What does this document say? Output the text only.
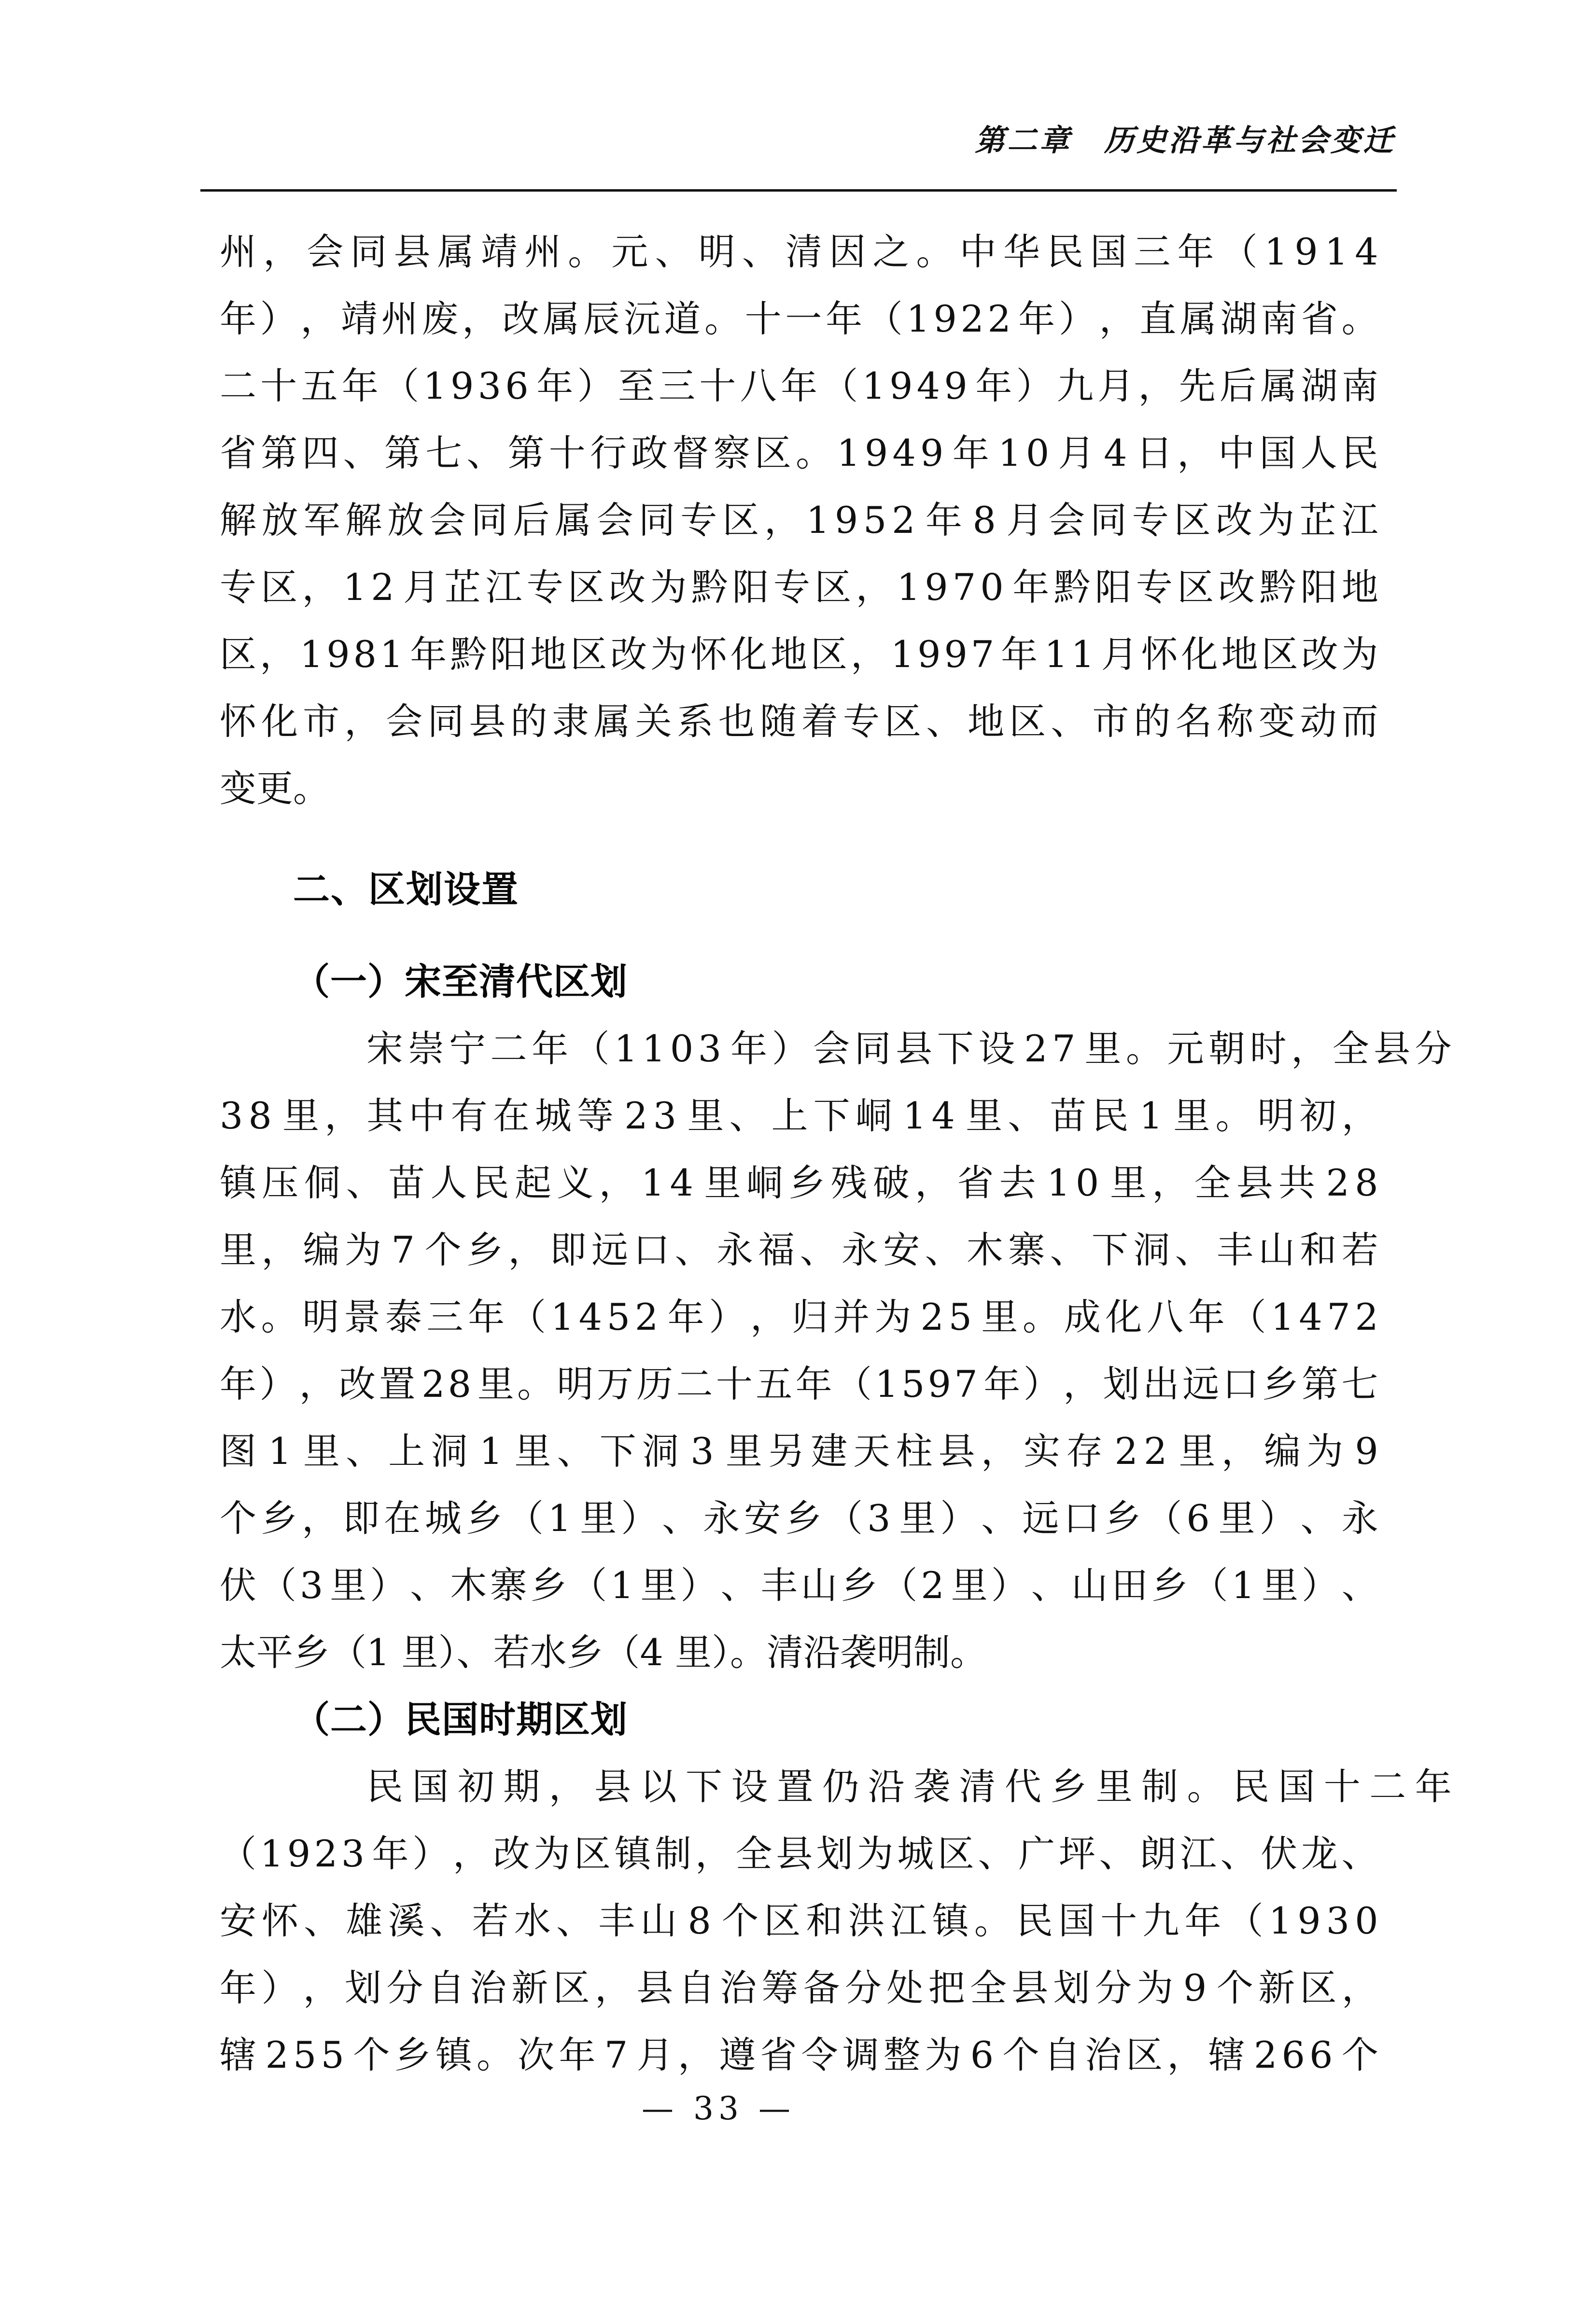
第二章　历史沿革与社会变迁
州 ， 会 同 县 属 靖 州 。 元 、 明 、 清 因 之 。 中 华 民 国 三 年 （ 1 9 1 4
年 ） ， 靖 州 废 ， 改 属 辰 沅 道 。 十 一 年 （ 1 9 2 2 年 ） ， 直 属 湖 南 省 。
二 十 五 年 （ 1 9 3 6 年 ） 至 三 十 八 年 （ 1 9 4 9 年 ） 九 月 ， 先 后 属 湖 南
省 第 四 、 第 七 、 第 十 行 政 督 察 区 。 1 9 4 9 年 1 0 月 4 日 ， 中 国 人 民
解 放 军 解 放 会 同 后 属 会 同 专 区 ， 1 9 5 2 年 8 月 会 同 专 区 改 为 芷 江
专 区 ， 1 2 月 芷 江 专 区 改 为 黔 阳 专 区 ， 1 9 7 0 年 黔 阳 专 区 改 黔 阳 地
区 ， 1 9 8 1 年 黔 阳 地 区 改 为 怀 化 地 区 ， 1 9 9 7 年 1 1 月 怀 化 地 区 改 为
怀 化 市 ， 会 同 县 的 隶 属 关 系 也 随 着 专 区 、 地 区 、 市 的 名 称 变 动 而
变更。
二、区划设置
（一）宋至清代区划
宋 崇 宁 二 年 （ 1 1 0 3 年 ） 会 同 县 下 设 2 7 里 。 元 朝 时 ， 全 县 分
3 8 里 ， 其 中 有 在 城 等 2 3 里 、 上 下 峒 1 4 里 、 苗 民 1 里 。 明 初 ，
镇 压 侗 、 苗 人 民 起 义 ， 1 4 里 峒 乡 残 破 ， 省 去 1 0 里 ， 全 县 共 2 8
里 ， 编 为 7 个 乡 ， 即 远 口 、 永 福 、 永 安 、 木 寨 、 下 洞 、 丰 山 和 若
水 。 明 景 泰 三 年 （ 1 4 5 2 年 ） ， 归 并 为 2 5 里 。 成 化 八 年 （ 1 4 7 2
年 ） ， 改 置 2 8 里 。 明 万 历 二 十 五 年 （ 1 5 9 7 年 ） ， 划 出 远 口 乡 第 七
图 1 里 、 上 洞 1 里 、 下 洞 3 里 另 建 天 柱 县 ， 实 存 2 2 里 ， 编 为 9
个 乡 ， 即 在 城 乡 （ 1 里 ） 、 永 安 乡 （ 3 里 ） 、 远 口 乡 （ 6 里 ） 、 永
伏 （ 3 里 ） 、 木 寨 乡 （ 1 里 ） 、 丰 山 乡 （ 2 里 ） 、 山 田 乡 （ 1 里 ） 、
太平乡（1 里）、若水乡（4 里）。清沿袭明制。
（二）民国时期区划
民 国 初 期 ， 县 以 下 设 置 仍 沿 袭 清 代 乡 里 制 。 民 国 十 二 年
（ 1 9 2 3 年 ） ， 改 为 区 镇 制 ， 全 县 划 为 城 区 、 广 坪 、 朗 江 、 伏 龙 、
安 怀 、 雄 溪 、 若 水 、 丰 山 8 个 区 和 洪 江 镇 。 民 国 十 九 年 （ 1 9 3 0
年 ） ， 划 分 自 治 新 区 ， 县 自 治 筹 备 分 处 把 全 县 划 分 为 9 个 新 区 ，
辖 2 5 5 个 乡 镇 。 次 年 7 月 ， 遵 省 令 调 整 为 6 个 自 治 区 ， 辖 2 6 6 个
— 33 —
